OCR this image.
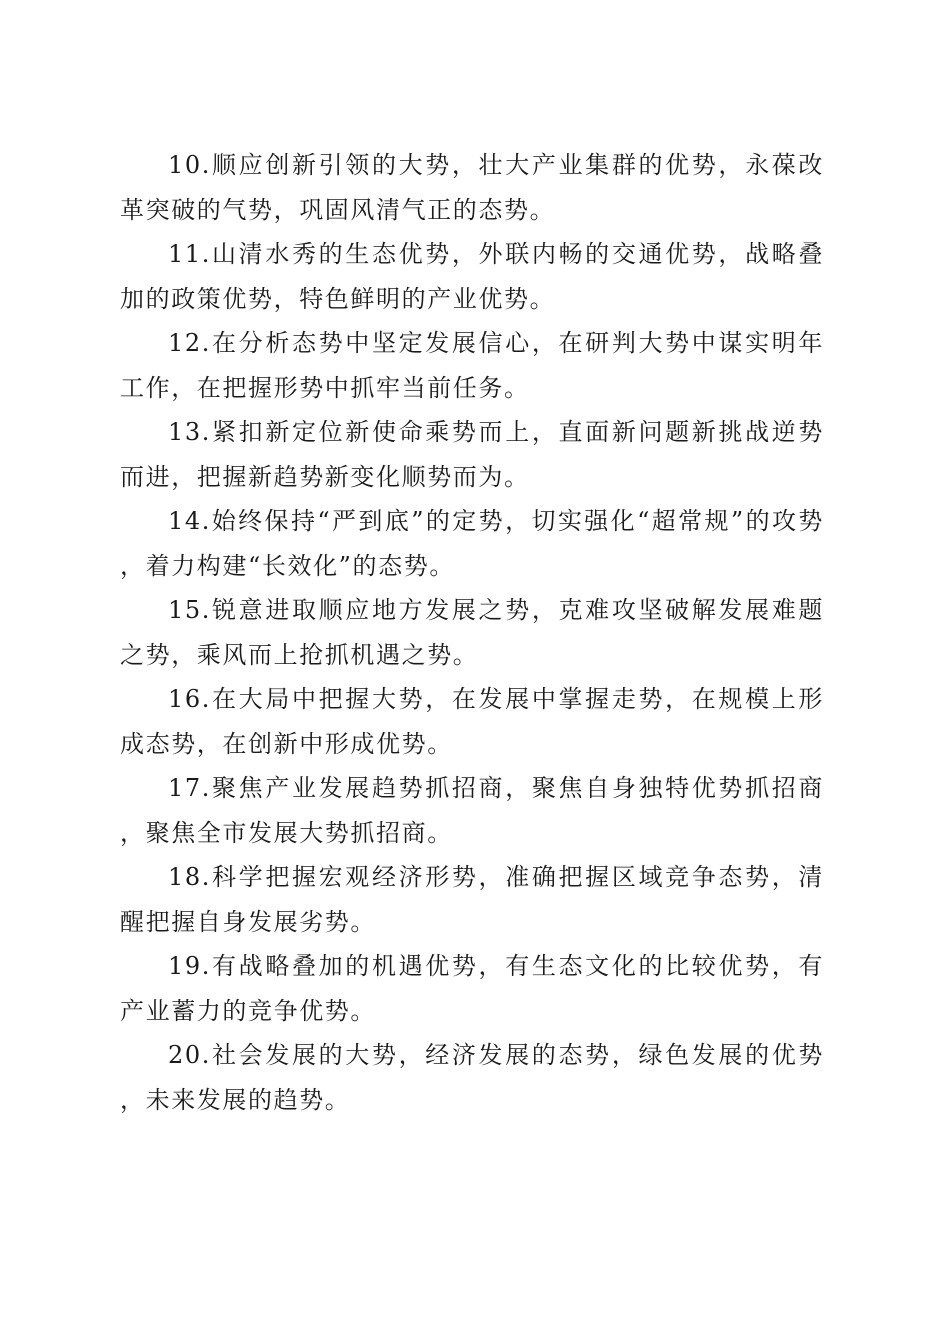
10.顺应创新引领的大势，壮大产业集群的优势，永葆改革突破的气势，巩固风清气正的态势。

11.山清水秀的生态优势，外联内畅的交通优势，战略叠加的政策优势，特色鲜明的产业优势。

12.在分析态势中坚定发展信心，在研判大势中谋实明年工作，在把握形势中抓牢当前任务。

13.紧扣新定位新使命乘势而上，直面新问题新挑战逆势而进，把握新趋势新变化顺势而为。

14.始终保持“严到底”的定势，切实强化“超常规”的攻势，着力构建“长效化”的态势。

15.锐意进取顺应地方发展之势，克难攻坚破解发展难题之势，乘风而上抢抓机遇之势。

16.在大局中把握大势，在发展中掌握走势，在规模上形成态势，在创新中形成优势。

17.聚焦产业发展趋势抓招商，聚焦自身独特优势抓招商，聚焦全市发展大势抓招商。

18.科学把握宏观经济形势，准确把握区域竞争态势，清醒把握自身发展劣势。

19.有战略叠加的机遇优势，有生态文化的比较优势，有产业蓄力的竞争优势。

20.社会发展的大势，经济发展的态势，绿色发展的优势，未来发展的趋势。
